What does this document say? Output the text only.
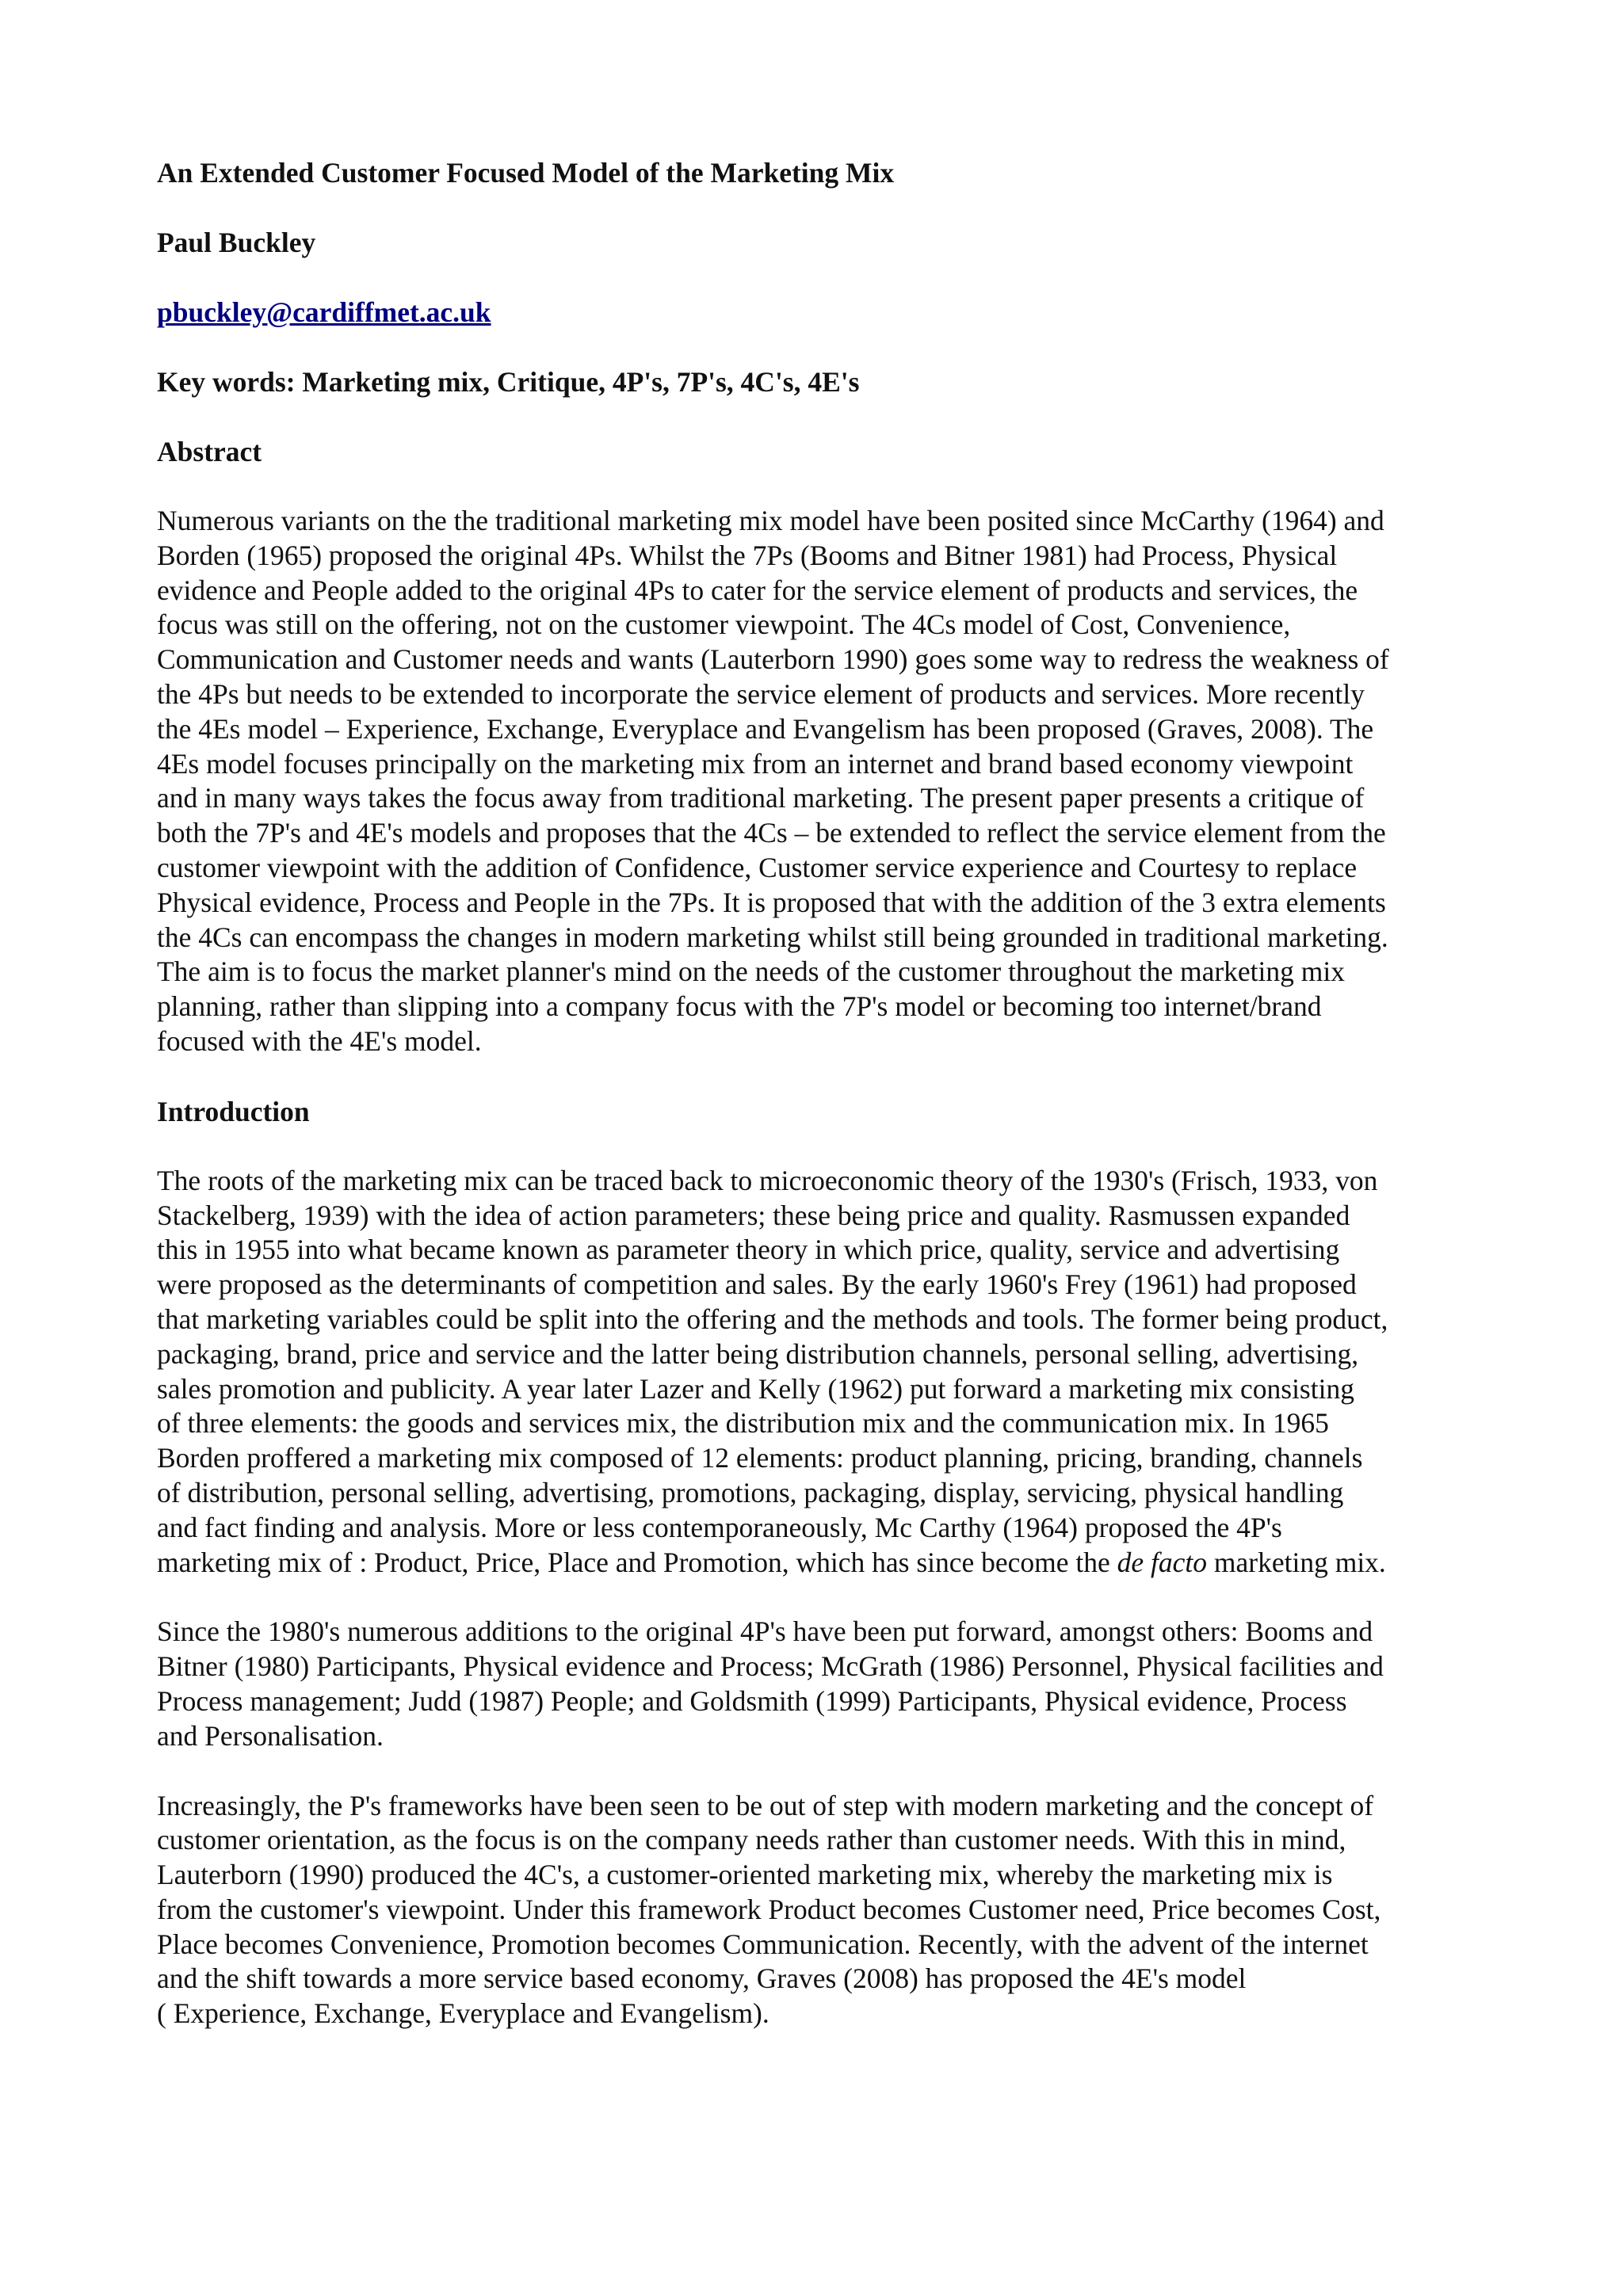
An Extended Customer Focused Model of the Marketing Mix
Paul Buckley
pbuckley@cardiffmet.ac.uk
Key words: Marketing mix, Critique, 4P's, 7P's, 4C's, 4E's
Abstract
Numerous variants on the the traditional marketing mix model have been posited since McCarthy (1964) and
Borden (1965) proposed the original 4Ps. Whilst the 7Ps (Booms and Bitner 1981) had Process, Physical
evidence and People added to the original 4Ps to cater for the service element of products and services, the
focus was still on the offering, not on the customer viewpoint. The 4Cs model of Cost, Convenience,
Communication and Customer needs and wants (Lauterborn 1990) goes some way to redress the weakness of
the 4Ps but needs to be extended to incorporate the service element of products and services. More recently
the 4Es model – Experience, Exchange, Everyplace and Evangelism has been proposed (Graves, 2008). The
4Es model focuses principally on the marketing mix from an internet and brand based economy viewpoint
and in many ways takes the focus away from traditional marketing. The present paper presents a critique of
both the 7P's and 4E's models and proposes that the 4Cs – be extended to reflect the service element from the
customer viewpoint with the addition of Confidence, Customer service experience and Courtesy to replace
Physical evidence, Process and People in the 7Ps. It is proposed that with the addition of the 3 extra elements
the 4Cs can encompass the changes in modern marketing whilst still being grounded in traditional marketing.
The aim is to focus the market planner's mind on the needs of the customer throughout the marketing mix
planning, rather than slipping into a company focus with the 7P's model or becoming too internet/brand
focused with the 4E's model.
Introduction
The roots of the marketing mix can be traced back to microeconomic theory of the 1930's (Frisch, 1933, von
Stackelberg, 1939) with the idea of action parameters; these being price and quality. Rasmussen expanded
this in 1955 into what became known as parameter theory in which price, quality, service and advertising
were proposed as the determinants of competition and sales. By the early 1960's Frey (1961) had proposed
that marketing variables could be split into the offering and the methods and tools. The former being product,
packaging, brand, price and service and the latter being distribution channels, personal selling, advertising,
sales promotion and publicity. A year later Lazer and Kelly (1962) put forward a marketing mix consisting
of three elements: the goods and services mix, the distribution mix and the communication mix. In 1965
Borden proffered a marketing mix composed of 12 elements: product planning, pricing, branding, channels
of distribution, personal selling, advertising, promotions, packaging, display, servicing, physical handling
and fact finding and analysis. More or less contemporaneously, Mc Carthy (1964) proposed the 4P's
marketing mix of : Product, Price, Place and Promotion, which has since become the de facto marketing mix.
Since the 1980's numerous additions to the original 4P's have been put forward, amongst others: Booms and
Bitner (1980) Participants, Physical evidence and Process; McGrath (1986) Personnel, Physical facilities and
Process management; Judd (1987) People; and Goldsmith (1999) Participants, Physical evidence, Process
and Personalisation.
Increasingly, the P's frameworks have been seen to be out of step with modern marketing and the concept of
customer orientation, as the focus is on the company needs rather than customer needs. With this in mind,
Lauterborn (1990) produced the 4C's, a customer-oriented marketing mix, whereby the marketing mix is
from the customer's viewpoint. Under this framework Product becomes Customer need, Price becomes Cost,
Place becomes Convenience, Promotion becomes Communication. Recently, with the advent of the internet
and the shift towards a more service based economy, Graves (2008) has proposed the 4E's model
( Experience, Exchange, Everyplace and Evangelism).
